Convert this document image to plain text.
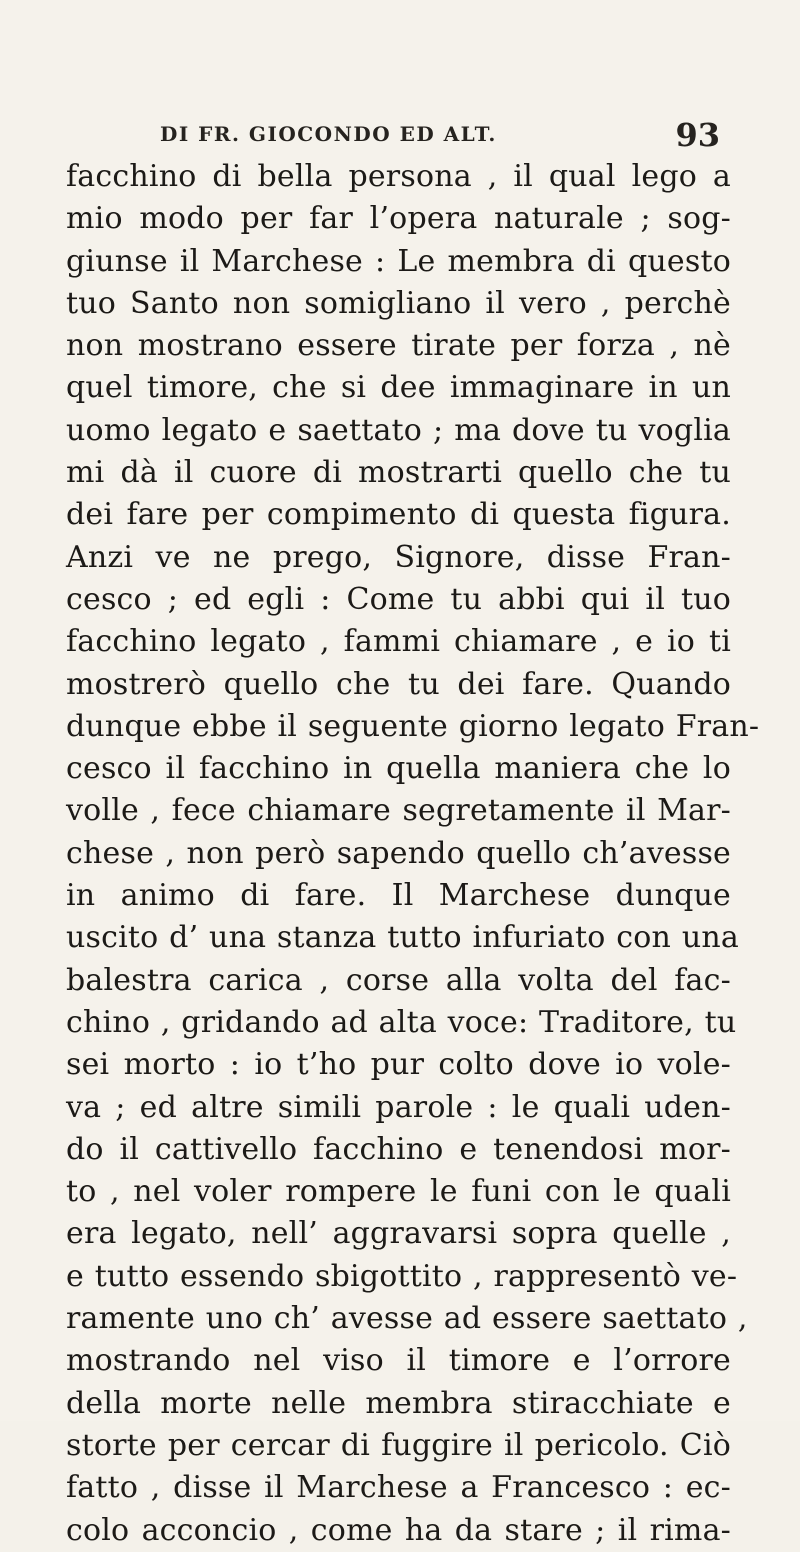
DI FR. GIOCONDO ED ALT.	93
facchino di bella persona , il qual lego a
mio modo per far l’opera naturale ; sog-
giunse il Marchese : Le membra di questo
tuo Santo non somigliano il vero , perchè
non mostrano essere tirate per forza , nè
quel timore, che si dee immaginare in un
uomo legato e saettato ; ma dove tu voglia
mi dà il cuore di mostrarti quello che tu
dei fare per compimento di questa figura.
Anzi ve ne prego, Signore, disse Fran-
cesco ; ed egli : Come tu abbi qui il tuo
facchino legato , fammi chiamare , e io ti
mostrerò quello che tu dei fare. Quando
dunque ebbe il seguente giorno legato Fran-
cesco il facchino in quella maniera che lo
volle , fece chiamare segretamente il Mar-
chese , non però sapendo quello ch’avesse
in animo di fare. Il Marchese dunque
uscito d’ una stanza tutto infuriato con una
balestra carica , corse alla volta del fac-
chino , gridando ad alta voce: Traditore, tu
sei morto : io t’ho pur colto dove io vole-
va ; ed altre simili parole : le quali uden-
do il cattivello facchino e tenendosi mor-
to , nel voler rompere le funi con le quali
era legato, nell’ aggravarsi sopra quelle ,
e tutto essendo sbigottito , rappresentò ve-
ramente uno ch’ avesse ad essere saettato ,
mostrando nel viso il timore e l’orrore
della morte nelle membra stiracchiate e
storte per cercar di fuggire il pericolo. Ciò
fatto , disse il Marchese a Francesco : ec-
colo acconcio , come ha da stare ; il rima-
